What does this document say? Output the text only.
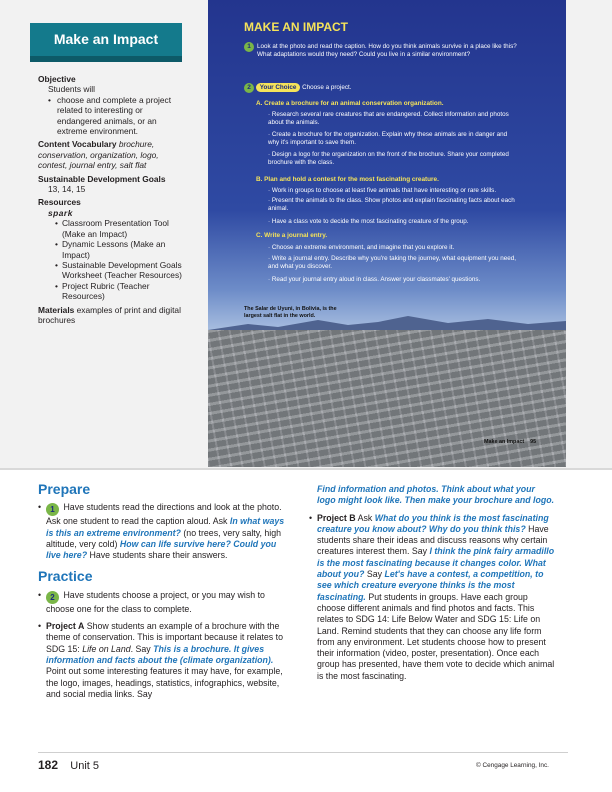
Make an Impact
Objective
Students will
• choose and complete a project related to interesting or endangered animals, or an extreme environment.
Content Vocabulary brochure, conservation, organization, logo, contest, journal entry, salt flat
Sustainable Development Goals
13, 14, 15
Resources
spark
• Classroom Presentation Tool (Make an Impact)
• Dynamic Lessons (Make an Impact)
• Sustainable Development Goals Worksheet (Teacher Resources)
• Project Rubric (Teacher Resources)
Materials examples of print and digital brochures
MAKE AN IMPACT
1 Look at the photo and read the caption. How do you think animals survive in a place like this? What adaptations would they need? Could you live in a similar environment?
2 Your Choice Choose a project.
A. Create a brochure for an animal conservation organization.
· Research several rare creatures that are endangered. Collect information and photos about the animals.
· Create a brochure for the organization. Explain why these animals are in danger and why it's important to save them.
· Design a logo for the organization on the front of the brochure. Share your completed brochure with the class.
B. Plan and hold a contest for the most fascinating creature.
· Work in groups to choose at least five animals that have interesting or rare skills.
· Present the animals to the class. Show photos and explain fascinating facts about each animal.
· Have a class vote to decide the most fascinating creature of the group.
C. Write a journal entry.
· Choose an extreme environment, and imagine that you explore it.
· Write a journal entry. Describe why you're taking the journey, what equipment you need, and what you discover.
· Read your journal entry aloud in class. Answer your classmates' questions.
The Salar de Uyuni, in Bolivia, is the largest salt flat in the world.
Make an Impact 95
Prepare
• 1 Have students read the directions and look at the photo. Ask one student to read the caption aloud. Ask In what ways is this an extreme environment? (no trees, very salty, high altitude, very cold) How can life survive here? Could you live here? Have students share their answers.
Practice
• 2 Have students choose a project, or you may wish to choose one for the class to complete.
• Project A Show students an example of a brochure with the theme of conservation. This is important because it relates to SDG 15: Life on Land. Say This is a brochure. It gives information and facts about the (climate organization). Point out some interesting features it may have, for example, the logo, images, headings, statistics, infographics, website, and social media links. Say
Find information and photos. Think about what your logo might look like. Then make your brochure and logo.
• Project B Ask What do you think is the most fascinating creature you know about? Why do you think this? Have students share their ideas and discuss reasons why certain creatures interest them. Say I think the pink fairy armadillo is the most fascinating because it changes color. What about you? Say Let's have a contest, a competition, to see which creature everyone thinks is the most fascinating. Put students in groups. Have each group choose different animals and find photos and facts. This relates to SDG 14: Life Below Water and SDG 15: Life on Land. Remind students that they can choose any life form from any environment. Let students choose how to present their information (video, poster, presentation). Once each group has presented, have them vote to decide which animal is the most fascinating.
182 Unit 5	© Cengage Learning, Inc.
